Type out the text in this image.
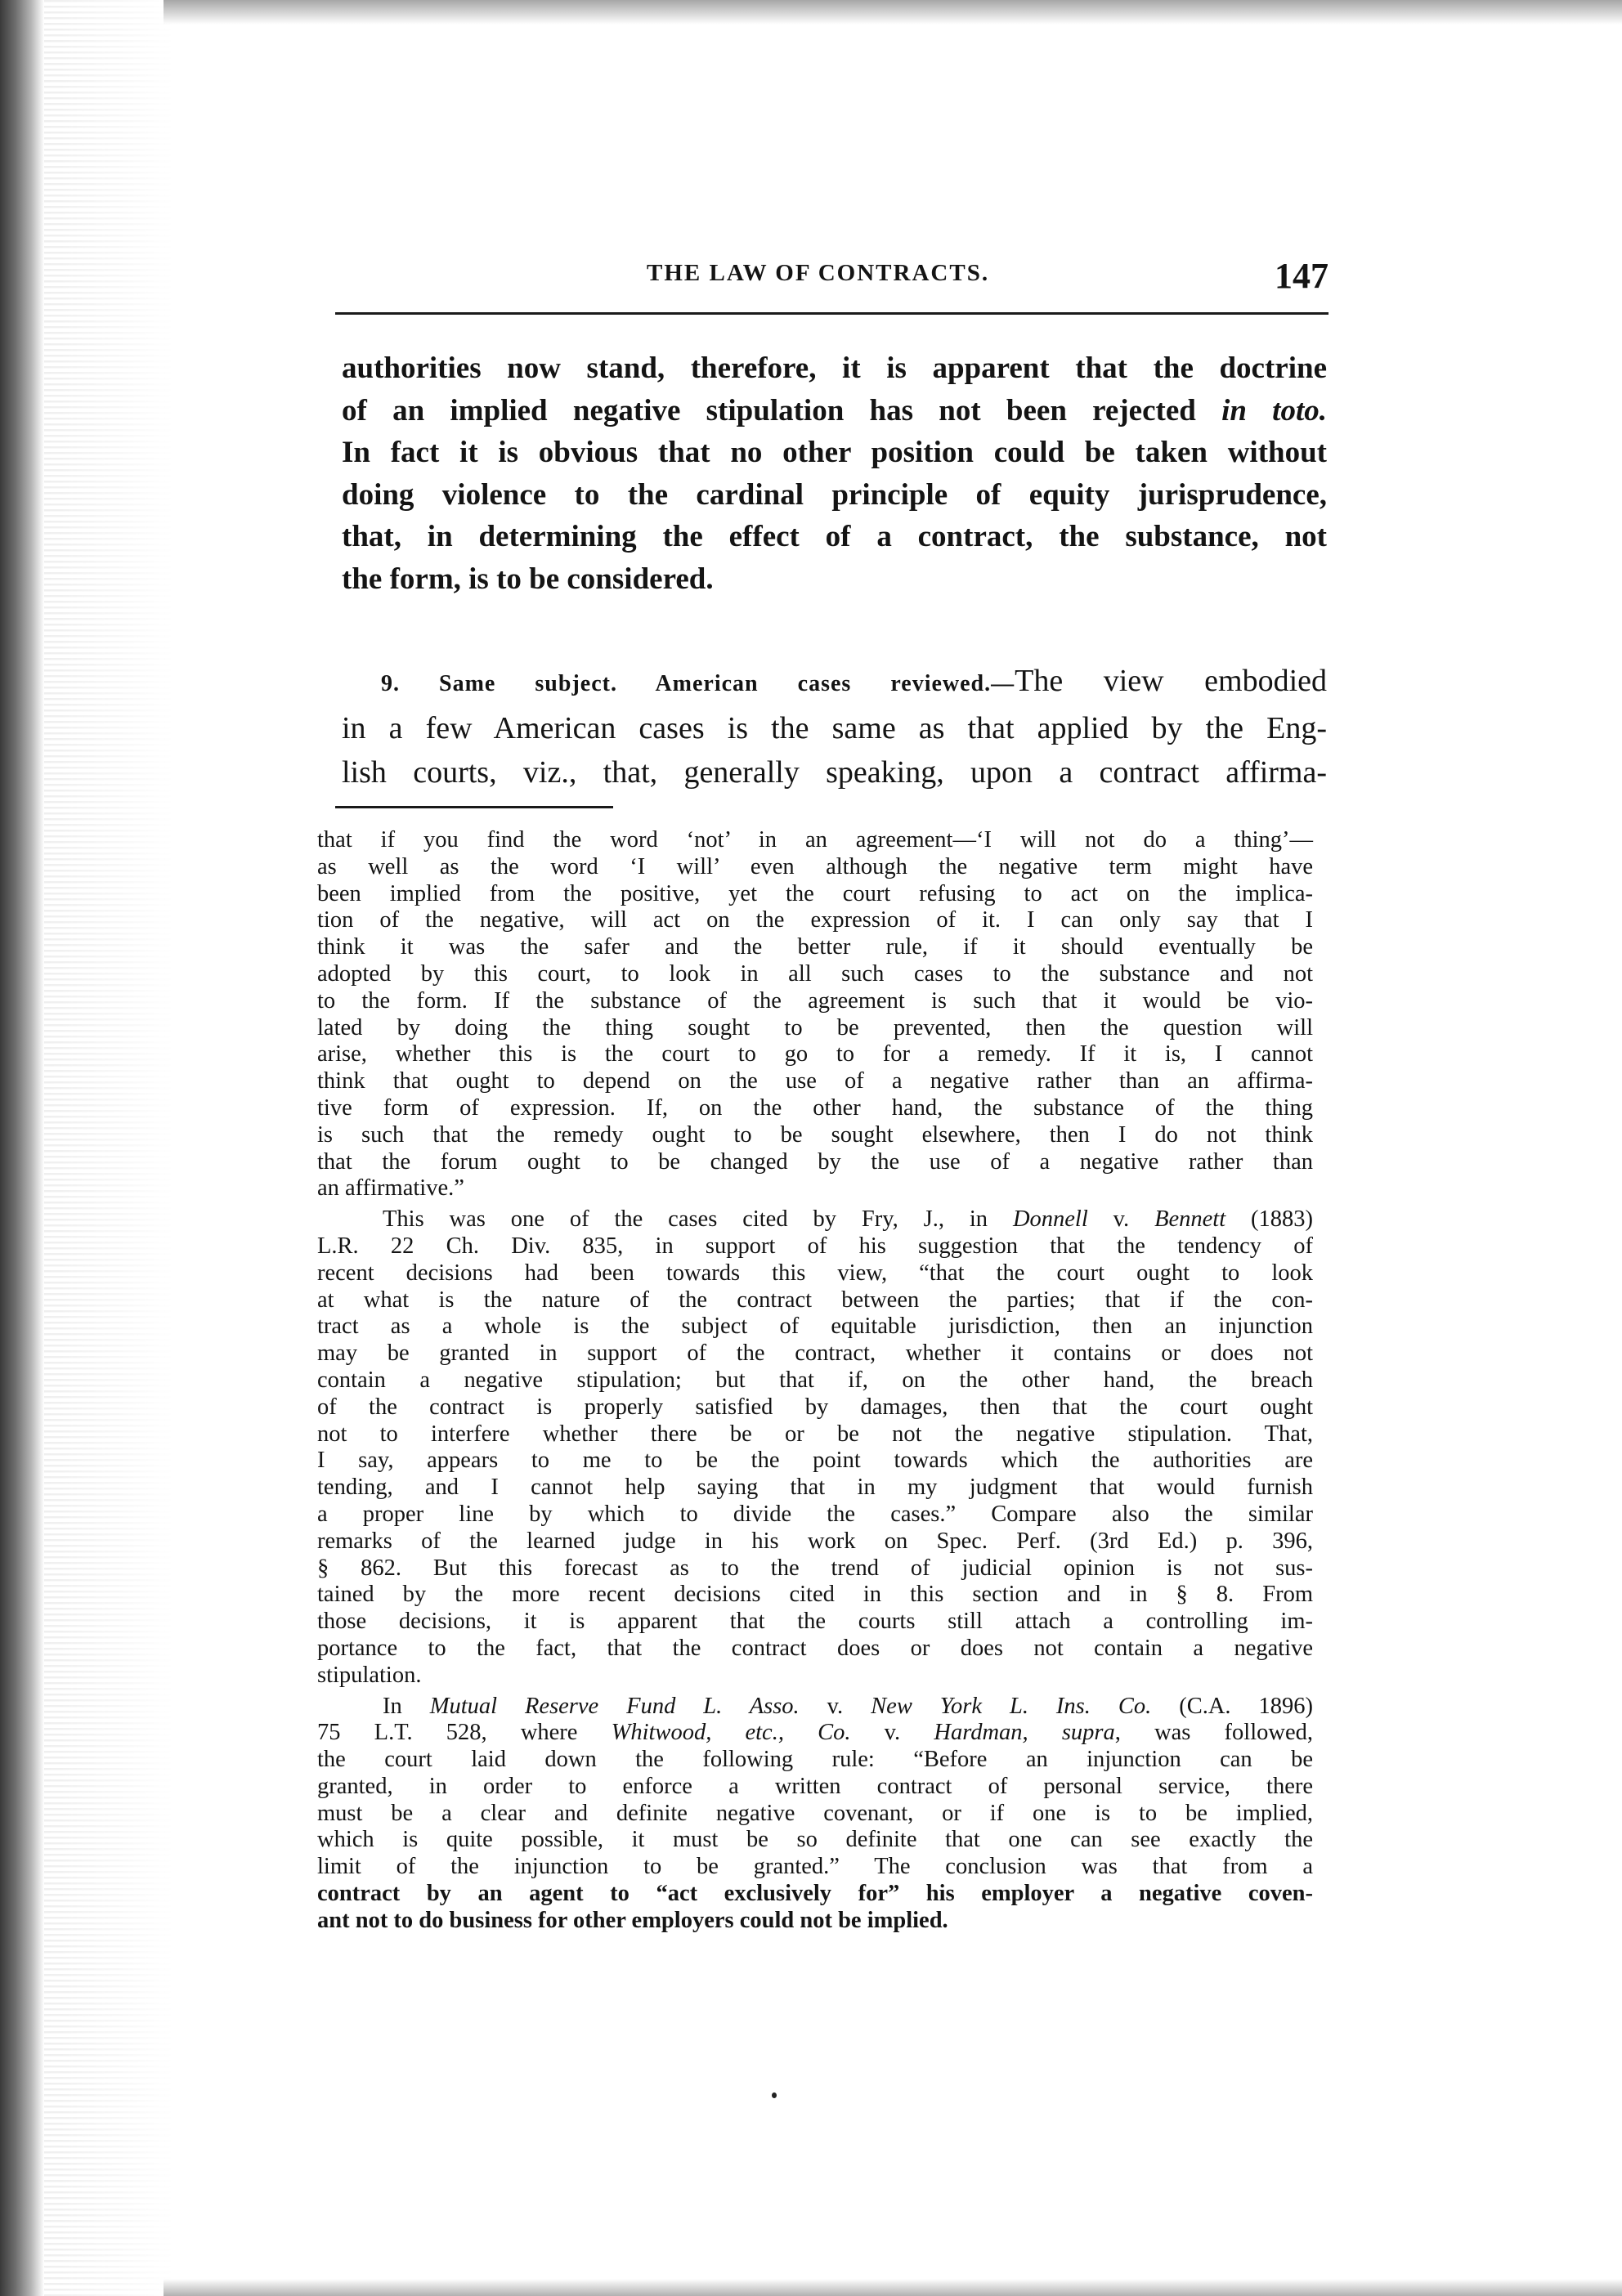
THE LAW OF CONTRACTS.	147
authorities now stand, therefore, it is apparent that the doctrine
of an implied negative stipulation has not been rejected in toto.
In fact it is obvious that no other position could be taken without
doing violence to the cardinal principle of equity jurisprudence,
that, in determining the effect of a contract, the substance, not
the form, is to be considered.
9. Same subject. American cases reviewed.—The view embodied
in a few American cases is the same as that applied by the Eng-
lish courts, viz., that, generally speaking, upon a contract affirma-
that if you find the word ‘not’ in an agreement—‘I will not do a thing’—
as well as the word ‘I will’ even although the negative term might have
been implied from the positive, yet the court refusing to act on the implica-
tion of the negative, will act on the expression of it. I can only say that I
think it was the safer and the better rule, if it should eventually be
adopted by this court, to look in all such cases to the substance and not
to the form. If the substance of the agreement is such that it would be vio-
lated by doing the thing sought to be prevented, then the question will
arise, whether this is the court to go to for a remedy. If it is, I cannot
think that ought to depend on the use of a negative rather than an affirma-
tive form of expression. If, on the other hand, the substance of the thing
is such that the remedy ought to be sought elsewhere, then I do not think
that the forum ought to be changed by the use of a negative rather than
an affirmative.”
This was one of the cases cited by Fry, J., in Donnell v. Bennett (1883)
L.R. 22 Ch. Div. 835, in support of his suggestion that the tendency of
recent decisions had been towards this view, “that the court ought to look
at what is the nature of the contract between the parties; that if the con-
tract as a whole is the subject of equitable jurisdiction, then an injunction
may be granted in support of the contract, whether it contains or does not
contain a negative stipulation; but that if, on the other hand, the breach
of the contract is properly satisfied by damages, then that the court ought
not to interfere whether there be or be not the negative stipulation. That,
I say, appears to me to be the point towards which the authorities are
tending, and I cannot help saying that in my judgment that would furnish
a proper line by which to divide the cases.” Compare also the similar
remarks of the learned judge in his work on Spec. Perf. (3rd Ed.) p. 396,
§ 862. But this forecast as to the trend of judicial opinion is not sus-
tained by the more recent decisions cited in this section and in § 8. From
those decisions, it is apparent that the courts still attach a controlling im-
portance to the fact, that the contract does or does not contain a negative
stipulation.
In Mutual Reserve Fund L. Asso. v. New York L. Ins. Co. (C.A. 1896)
75 L.T. 528, where Whitwood, etc., Co. v. Hardman, supra, was followed,
the court laid down the following rule: “Before an injunction can be
granted, in order to enforce a written contract of personal service, there
must be a clear and definite negative covenant, or if one is to be implied,
which is quite possible, it must be so definite that one can see exactly the
limit of the injunction to be granted.” The conclusion was that from a
contract by an agent to “act exclusively for” his employer a negative coven-
ant not to do business for other employers could not be implied.
